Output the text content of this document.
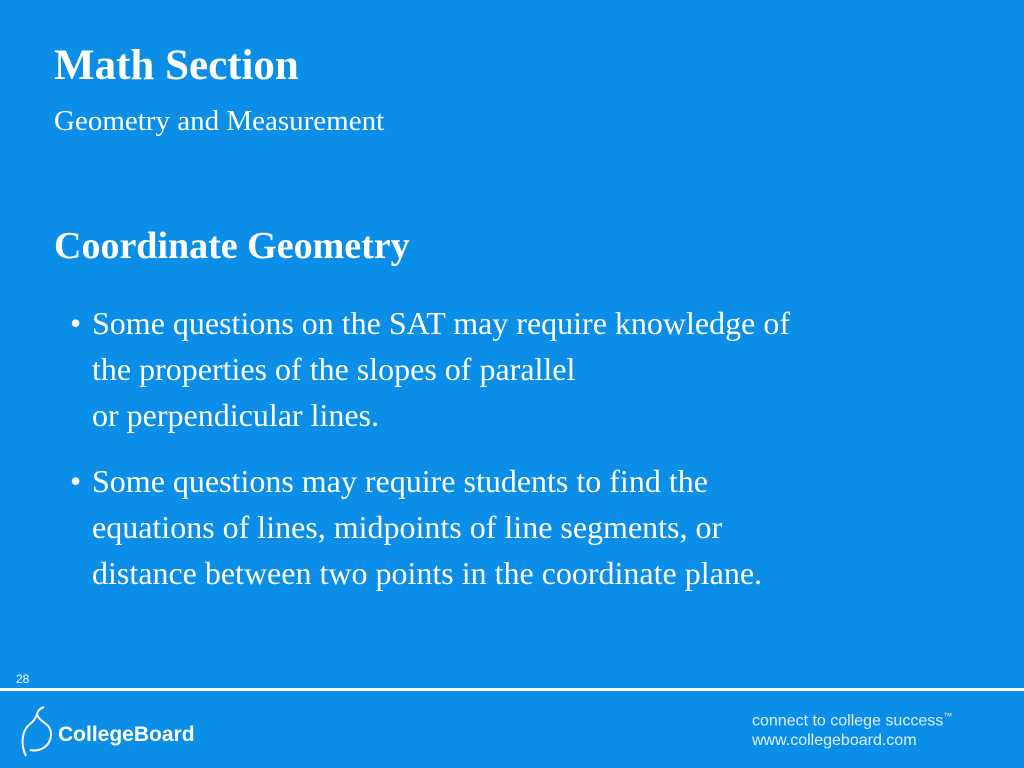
Math Section
Geometry and Measurement
Coordinate Geometry
• Some questions on the SAT may require knowledge of
the properties of the slopes of parallel
or perpendicular lines.
• Some questions may require students to find the
equations of lines, midpoints of line segments, or
distance between two points in the coordinate plane.
28
CollegeBoard
connect to college success™
www.collegeboard.com
